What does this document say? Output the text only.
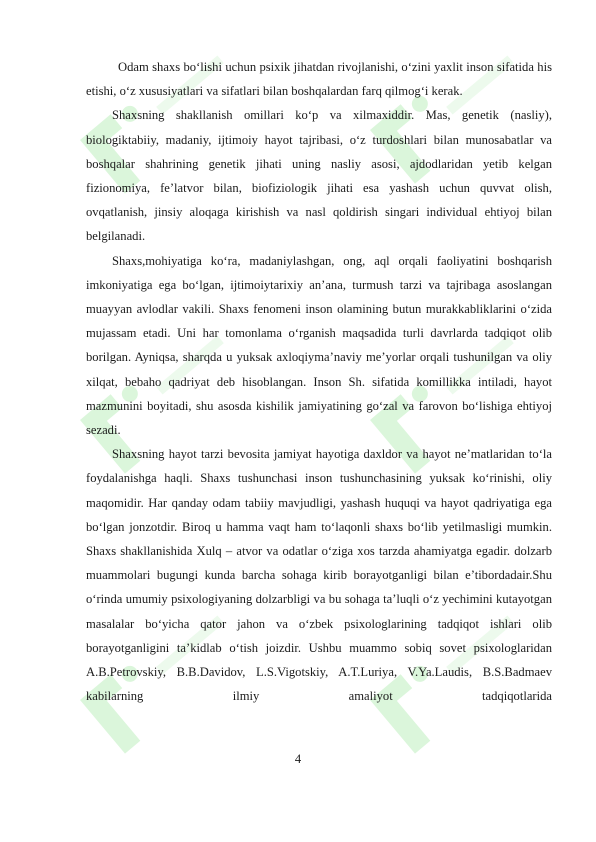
Odam shaxs bo‘lishi uchun psixik jihatdan rivojlanishi, o‘zini yaxlit inson sifatida his etishi, o‘z xususiyatlari va sifatlari bilan boshqalardan farq qilmog‘i kerak.

Shaxsning shakllanish omillari ko‘p va xilmaxiddir. Mas, genetik (nasliy), biologiktabiiy, madaniy, ijtimoiy hayot tajribasi, o‘z turdoshlari bilan munosabatlar va boshqalar shahrining genetik jihati uning nasliy asosi, ajdodlaridan yetib kelgan fizionomiya, fe’latvor bilan, biofiziologik jihati esa yashash uchun quvvat olish, ovqatlanish, jinsiy aloqaga kirishish va nasl qoldirish singari individual ehtiyoj bilan belgilanadi.

Shaxs,mohiyatiga ko‘ra, madaniylashgan, ong, aql orqali faoliyatini boshqarish imkoniyatiga ega bo‘lgan, ijtimoiytarixiy an’ana, turmush tarzi va tajribaga asoslangan muayyan avlodlar vakili. Shaxs fenomeni inson olamining butun murakkabliklarini o‘zida mujassam etadi. Uni har tomonlama o‘rganish maqsadida turli davrlarda tadqiqot olib borilgan. Ayniqsa, sharqda u yuksak axloqiyma’naviy me’yorlar orqali tushunilgan va oliy xilqat, bebaho qadriyat deb hisoblangan. Inson Sh. sifatida komillikka intiladi, hayot mazmunini boyitadi, shu asosda kishilik jamiyatining go‘zal va farovon bo‘lishiga ehtiyoj sezadi.

Shaxsning hayot tarzi bevosita jamiyat hayotiga daxldor va hayot ne’matlaridan to‘la foydalanishga haqli. Shaxs tushunchasi inson tushunchasining yuksak ko‘rinishi, oliy maqomidir. Har qanday odam tabiiy mavjudligi, yashash huquqi va hayot qadriyatiga ega bo‘lgan jonzotdir. Biroq u hamma vaqt ham to‘laqonli shaxs bo‘lib yetilmasligi mumkin. Shaxs shakllanishida Xulq – atvor va odatlar o‘ziga xos tarzda ahamiyatga egadir. dolzarb muammolari bugungi kunda barcha sohaga kirib borayotganligi bilan e’tibordadair.Shu o‘rinda umumiy psixologiyaning dolzarbligi va bu sohaga ta’luqli o‘z yechimini kutayotgan masalalar bo‘yicha qator jahon va o‘zbek psixologlarining tadqiqot ishlari olib borayotganligini ta’kidlab o‘tish joizdir. Ushbu muammo sobiq sovet psixologlaridan A.B.Petrovskiy, B.B.Davidov, L.S.Vigotskiy, A.T.Luriya, V.Ya.Laudis, B.S.Badmaev kabilarning ilmiy amaliyot tadqiqotlarida

4
